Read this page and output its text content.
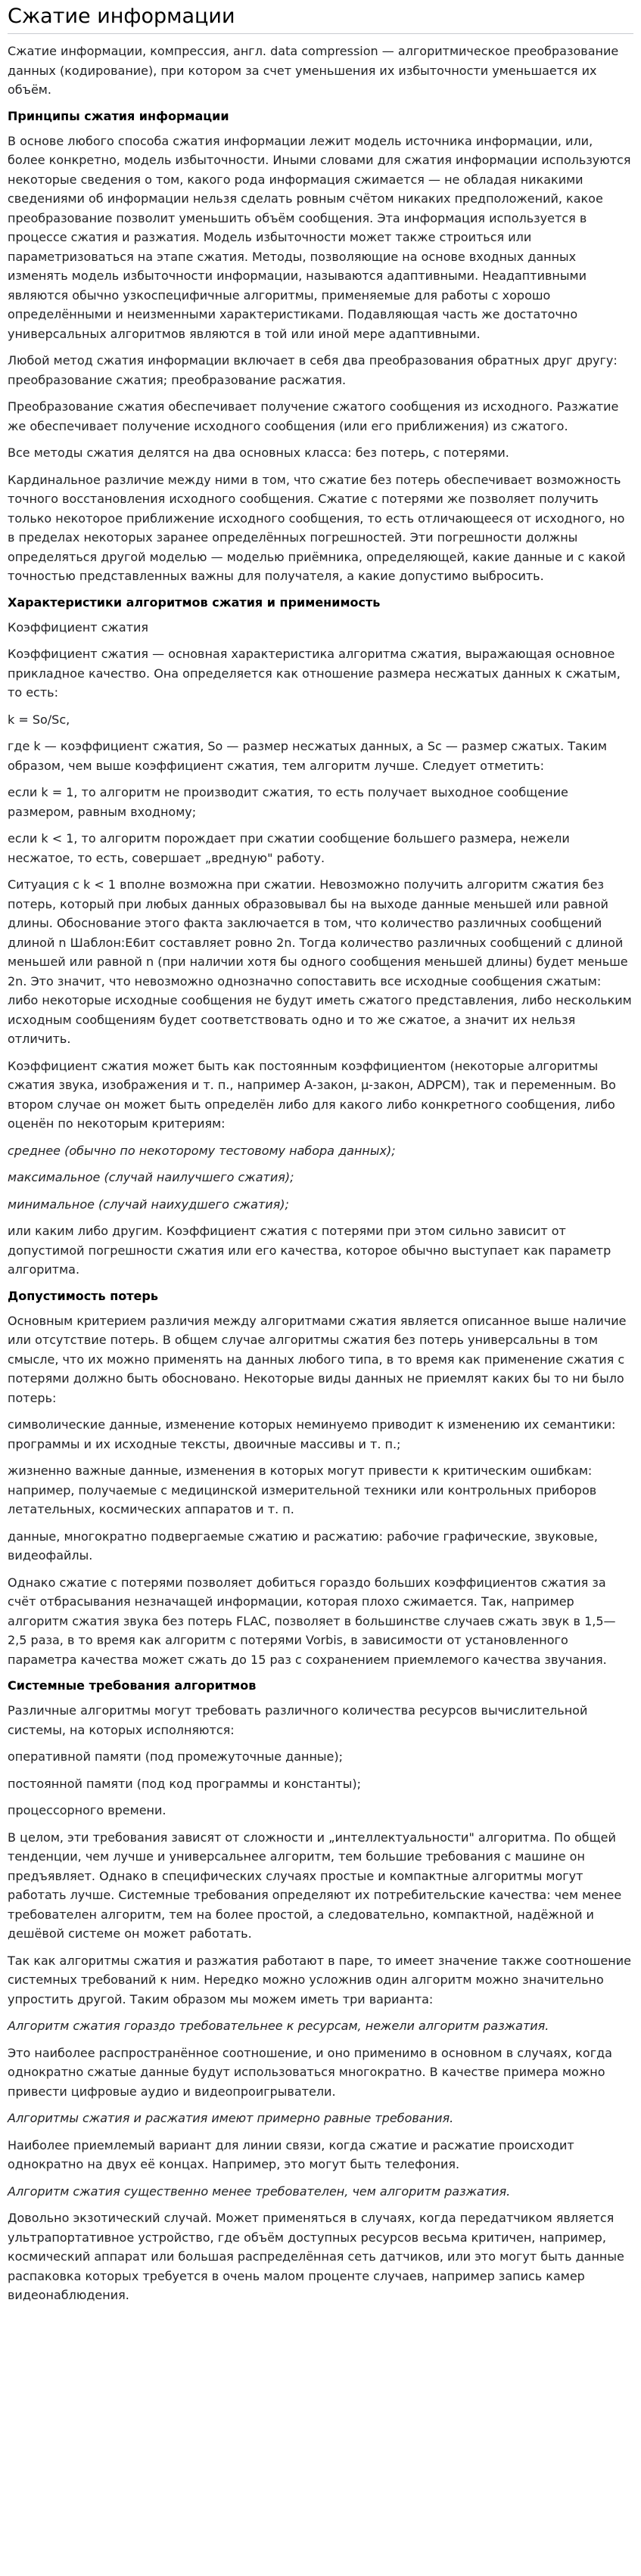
Сжатие информации

Сжатие информации, компрессия, англ. data compression — алгоритмическое преобразование данных (кодирование), при котором за счет уменьшения их избыточности уменьшается их объём.

Принципы сжатия информации

В основе любого способа сжатия информации лежит модель источника информации, или, более конкретно, модель избыточности. Иными словами для сжатия информации используются некоторые сведения о том, какого рода информация сжимается — не обладая никакими сведениями об информации нельзя сделать ровным счётом никаких предположений, какое преобразование позволит уменьшить объём сообщения. Эта информация используется в процессе сжатия и разжатия. Модель избыточности может также строиться или параметризоваться на этапе сжатия. Методы, позволяющие на основе входных данных изменять модель избыточности информации, называются адаптивными. Неадаптивными являются обычно узкоспецифичные алгоритмы, применяемые для работы с хорошо определёнными и неизменными характеристиками. Подавляющая часть же достаточно универсальных алгоритмов являются в той или иной мере адаптивными.

Любой метод сжатия информации включает в себя два преобразования обратных друг другу: преобразование сжатия; преобразование расжатия.

Преобразование сжатия обеспечивает получение сжатого сообщения из исходного. Разжатие же обеспечивает получение исходного сообщения (или его приближения) из сжатого.

Все методы сжатия делятся на два основных класса: без потерь, с потерями.

Кардинальное различие между ними в том, что сжатие без потерь обеспечивает возможность точного восстановления исходного сообщения. Сжатие с потерями же позволяет получить только некоторое приближение исходного сообщения, то есть отличающееся от исходного, но в пределах некоторых заранее определённых погрешностей. Эти погрешности должны определяться другой моделью — моделью приёмника, определяющей, какие данные и с какой точностью представленных важны для получателя, а какие допустимо выбросить.

Характеристики алгоритмов сжатия и применимость

Коэффициент сжатия

Коэффициент сжатия — основная характеристика алгоритма сжатия, выражающая основное прикладное качество. Она определяется как отношение размера несжатых данных к сжатым, то есть:

k = So/Sc,

где k — коэффициент сжатия, So — размер несжатых данных, а Sc — размер сжатых. Таким образом, чем выше коэффициент сжатия, тем алгоритм лучше. Следует отметить:

если k = 1, то алгоритм не производит сжатия, то есть получает выходное сообщение размером, равным входному;

если k < 1, то алгоритм порождает при сжатии сообщение большего размера, нежели несжатое, то есть, совершает „вредную" работу.

Ситуация с k < 1 вполне возможна при сжатии. Невозможно получить алгоритм сжатия без потерь, который при любых данных образовывал бы на выходе данные меньшей или равной длины. Обоснование этого факта заключается в том, что количество различных сообщений длиной n Шаблон:Е6ит составляет ровно 2n. Тогда количество различных сообщений с длиной меньшей или равной n (при наличии хотя бы одного сообщения меньшей длины) будет меньше 2n. Это значит, что невозможно однозначно сопоставить все исходные сообщения сжатым: либо некоторые исходные сообщения не будут иметь сжатого представления, либо нескольким исходным сообщениям будет соответствовать одно и то же сжатое, а значит их нельзя отличить.

Коэффициент сжатия может быть как постоянным коэффициентом (некоторые алгоритмы сжатия звука, изображения и т. п., например А-закон, μ-закон, ADPCM), так и переменным. Во втором случае он может быть определён либо для какого либо конкретного сообщения, либо оценён по некоторым критериям:

среднее (обычно по некоторому тестовому набора данных);

максимальное (случай наилучшего сжатия);

минимальное (случай наихудшего сжатия);

или каким либо другим. Коэффициент сжатия с потерями при этом сильно зависит от допустимой погрешности сжатия или его качества, которое обычно выступает как параметр алгоритма.

Допустимость потерь

Основным критерием различия между алгоритмами сжатия является описанное выше наличие или отсутствие потерь. В общем случае алгоритмы сжатия без потерь универсальны в том смысле, что их можно применять на данных любого типа, в то время как применение сжатия с потерями должно быть обосновано. Некоторые виды данных не приемлят каких бы то ни было потерь:

символические данные, изменение которых неминуемо приводит к изменению их семантики: программы и их исходные тексты, двоичные массивы и т. п.;

жизненно важные данные, изменения в которых могут привести к критическим ошибкам: например, получаемые с медицинской измерительной техники или контрольных приборов летательных, космических аппаратов и т. п.

данные, многократно подвергаемые сжатию и расжатию: рабочие графические, звуковые, видеофайлы.

Однако сжатие с потерями позволяет добиться гораздо больших коэффициентов сжатия за счёт отбрасывания незначащей информации, которая плохо сжимается. Так, например алгоритм сжатия звука без потерь FLAC, позволяет в большинстве случаев сжать звук в 1,5—2,5 раза, в то время как алгоритм с потерями Vorbis, в зависимости от установленного параметра качества может сжать до 15 раз с сохранением приемлемого качества звучания.

Системные требования алгоритмов

Различные алгоритмы могут требовать различного количества ресурсов вычислительной системы, на которых исполняются:

оперативной памяти (под промежуточные данные);

постоянной памяти (под код программы и константы);

процессорного времени.

В целом, эти требования зависят от сложности и „интеллектуальности" алгоритма. По общей тенденции, чем лучше и универсальнее алгоритм, тем большие требования с машине он предъявляет. Однако в специфических случаях простые и компактные алгоритмы могут работать лучше. Системные требования определяют их потребительские качества: чем менее требователен алгоритм, тем на более простой, а следовательно, компактной, надёжной и дешёвой системе он может работать.

Так как алгоритмы сжатия и разжатия работают в паре, то имеет значение также соотношение системных требований к ним. Нередко можно усложнив один алгоритм можно значительно упростить другой. Таким образом мы можем иметь три варианта:

Алгоритм сжатия гораздо требовательнее к ресурсам, нежели алгоритм разжатия.

Это наиболее распространённое соотношение, и оно применимо в основном в случаях, когда однократно сжатые данные будут использоваться многократно. В качестве примера можно привести цифровые аудио и видеопроигрыватели.

Алгоритмы сжатия и расжатия имеют примерно равные требования.

Наиболее приемлемый вариант для линии связи, когда сжатие и расжатие происходит однократно на двух её концах. Например, это могут быть телефония.

Алгоритм сжатия существенно менее требователен, чем алгоритм разжатия.

Довольно экзотический случай. Может применяться в случаях, когда передатчиком является ультрапортативное устройство, где объём доступных ресурсов весьма критичен, например, космический аппарат или большая распределённая сеть датчиков, или это могут быть данные распаковка которых требуется в очень малом проценте случаев, например запись камер видеонаблюдения.
